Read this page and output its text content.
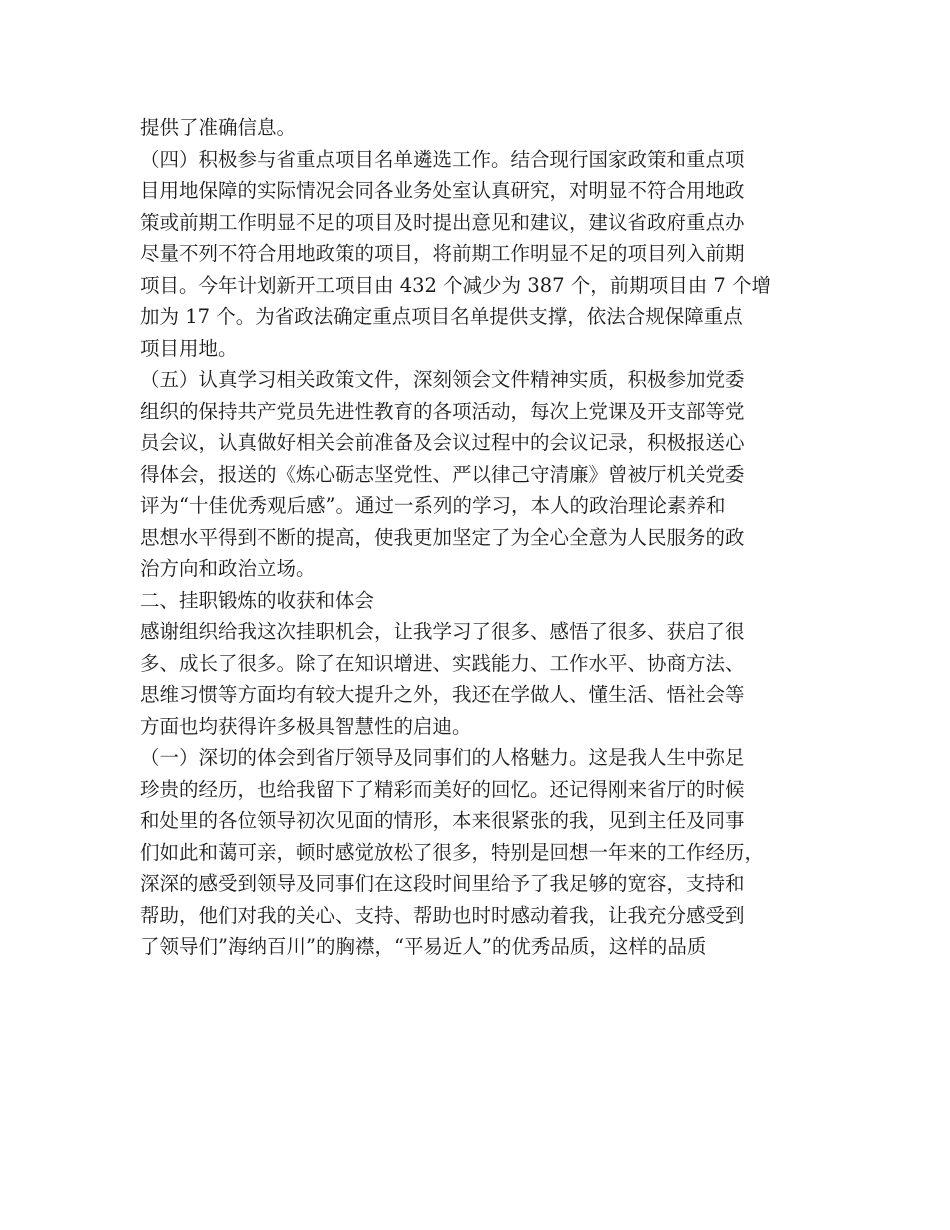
提供了准确信息。
（四）积极参与省重点项目名单遴选工作。结合现行国家政策和重点项
目用地保障的实际情况会同各业务处室认真研究，对明显不符合用地政
策或前期工作明显不足的项目及时提出意见和建议，建议省政府重点办
尽量不列不符合用地政策的项目，将前期工作明显不足的项目列入前期
项目。今年计划新开工项目由 432 个减少为 387 个，前期项目由 7 个增
加为 17 个。为省政法确定重点项目名单提供支撑，依法合规保障重点
项目用地。
（五）认真学习相关政策文件，深刻领会文件精神实质，积极参加党委
组织的保持共产党员先进性教育的各项活动，每次上党课及开支部等党
员会议，认真做好相关会前准备及会议过程中的会议记录，积极报送心
得体会，报送的《炼心砺志坚党性、严以律己守清廉》曾被厅机关党委
评为“十佳优秀观后感”。通过一系列的学习，本人的政治理论素养和
思想水平得到不断的提高，使我更加坚定了为全心全意为人民服务的政
治方向和政治立场。
二、挂职锻炼的收获和体会
感谢组织给我这次挂职机会，让我学习了很多、感悟了很多、获启了很
多、成长了很多。除了在知识增进、实践能力、工作水平、协商方法、
思维习惯等方面均有较大提升之外，我还在学做人、懂生活、悟社会等
方面也均获得许多极具智慧性的启迪。
（一）深切的体会到省厅领导及同事们的人格魅力。这是我人生中弥足
珍贵的经历，也给我留下了精彩而美好的回忆。还记得刚来省厅的时候
和处里的各位领导初次见面的情形，本来很紧张的我，见到主任及同事
们如此和蔼可亲，顿时感觉放松了很多，特别是回想一年来的工作经历，
深深的感受到领导及同事们在这段时间里给予了我足够的宽容，支持和
帮助，他们对我的关心、支持、帮助也时时感动着我，让我充分感受到
了领导们”海纳百川”的胸襟，“平易近人”的优秀品质，这样的品质
